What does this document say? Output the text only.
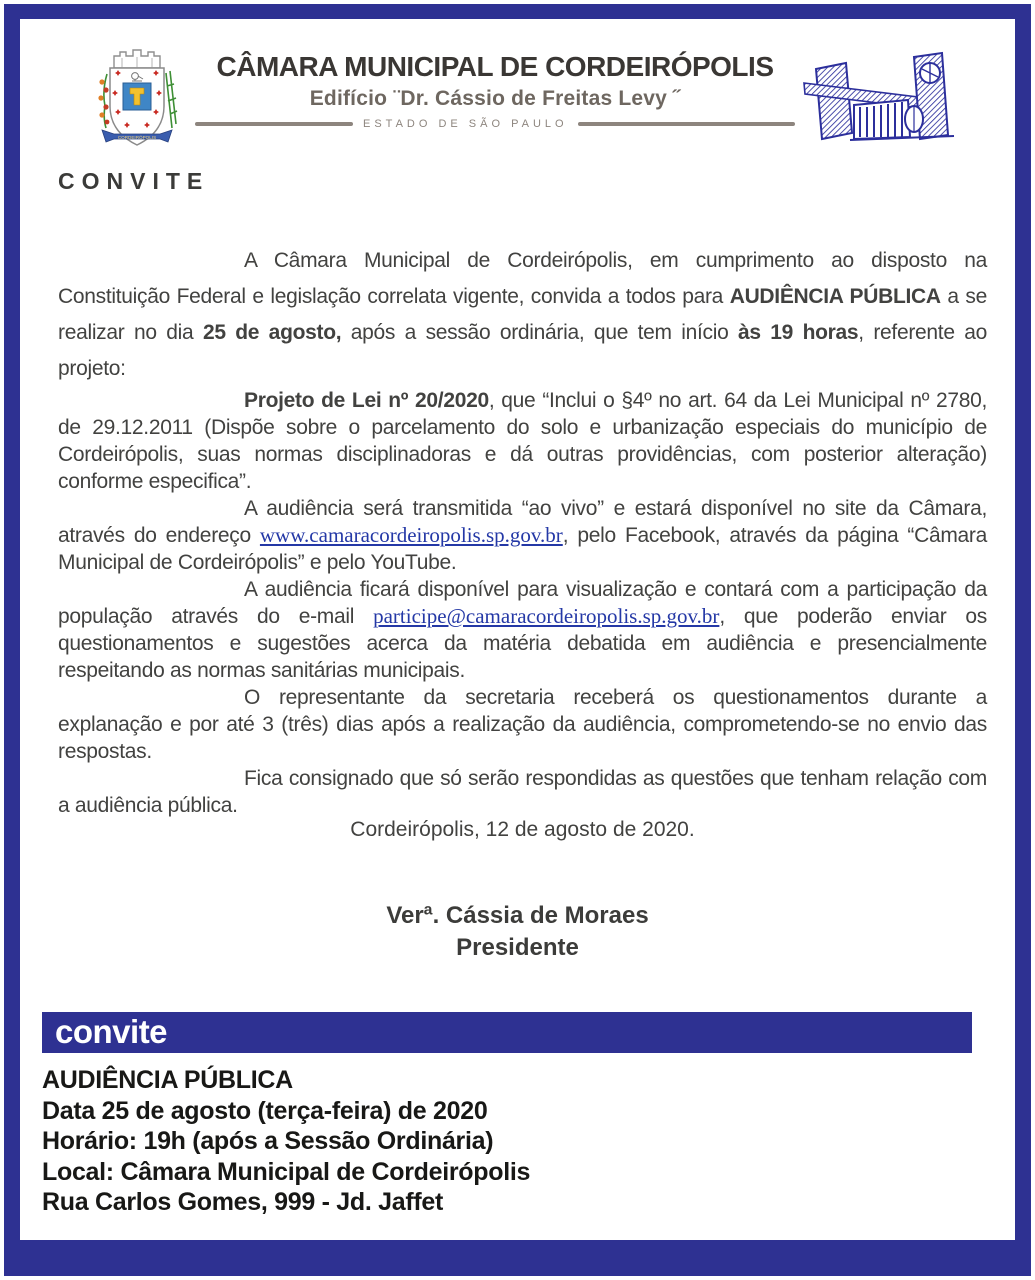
CORDEIRÓPOLIS
CÂMARA MUNICIPAL DE CORDEIRÓPOLIS
Edifício ¨Dr. Cássio de Freitas Levy ˝
ESTADO DE SÃO PAULO
CONVITE

A Câmara Municipal de Cordeirópolis, em cumprimento ao disposto na Constituição Federal e legislação correlata vigente, convida a todos para AUDIÊNCIA PÚBLICA a se realizar no dia 25 de agosto, após a sessão ordinária, que tem início às 19 horas, referente ao projeto:

Projeto de Lei nº 20/2020, que “Inclui o §4º no art. 64 da Lei Municipal nº 2780, de 29.12.2011 (Dispõe sobre o parcelamento do solo e urbanização especiais do município de Cordeirópolis, suas normas disciplinadoras e dá outras providências, com posterior alteração) conforme especifica”.

A audiência será transmitida “ao vivo” e estará disponível no site da Câmara, através do endereço www.camaracordeiropolis.sp.gov.br, pelo Facebook, através da página “Câmara Municipal de Cordeirópolis” e pelo YouTube.

A audiência ficará disponível para visualização e contará com a participação da população através do e-mail participe@camaracordeiropolis.sp.gov.br, que poderão enviar os questionamentos e sugestões acerca da matéria debatida em audiência e presencialmente respeitando as normas sanitárias municipais.

O representante da secretaria receberá os questionamentos durante a explanação e por até 3 (três) dias após a realização da audiência, comprometendo-se no envio das respostas.

Fica consignado que só serão respondidas as questões que tenham relação com a audiência pública.

Cordeirópolis, 12 de agosto de 2020.
Verª. Cássia de Moraes
Presidente
convite
AUDIÊNCIA PÚBLICA
Data 25 de agosto (terça-feira) de 2020
Horário: 19h (após a Sessão Ordinária)
Local: Câmara Municipal de Cordeirópolis
Rua Carlos Gomes, 999 - Jd. Jaffet
